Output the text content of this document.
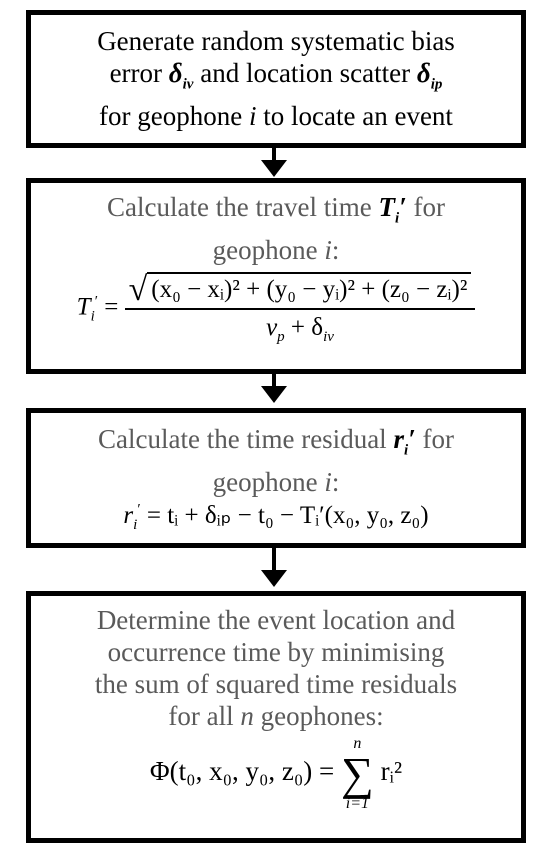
Generate random systematic bias
error $\delta_{iv}$ and location scatter $\delta_{ip}$
for geophone i to locate an event
Calculate the travel time $T_i'$ for
geophone i:
$T_i' = \frac{\text{√ (x₀ − xᵢ)² + (y₀ − yᵢ)² + (z₀ − zᵢ)²}}{v_p + \delta_{iv}}$
Calculate the time residual $r_i'$ for
geophone i:
$r_i'$ = tᵢ + δᵢₚ − t₀ − Tᵢ′(x₀, y₀, z₀)
Determine the event location and
occurrence time by minimising
the sum of squared time residuals
for all n geophones:
Φ(t₀, x₀, y₀, z₀) =
n
∑
i=1
rᵢ²
